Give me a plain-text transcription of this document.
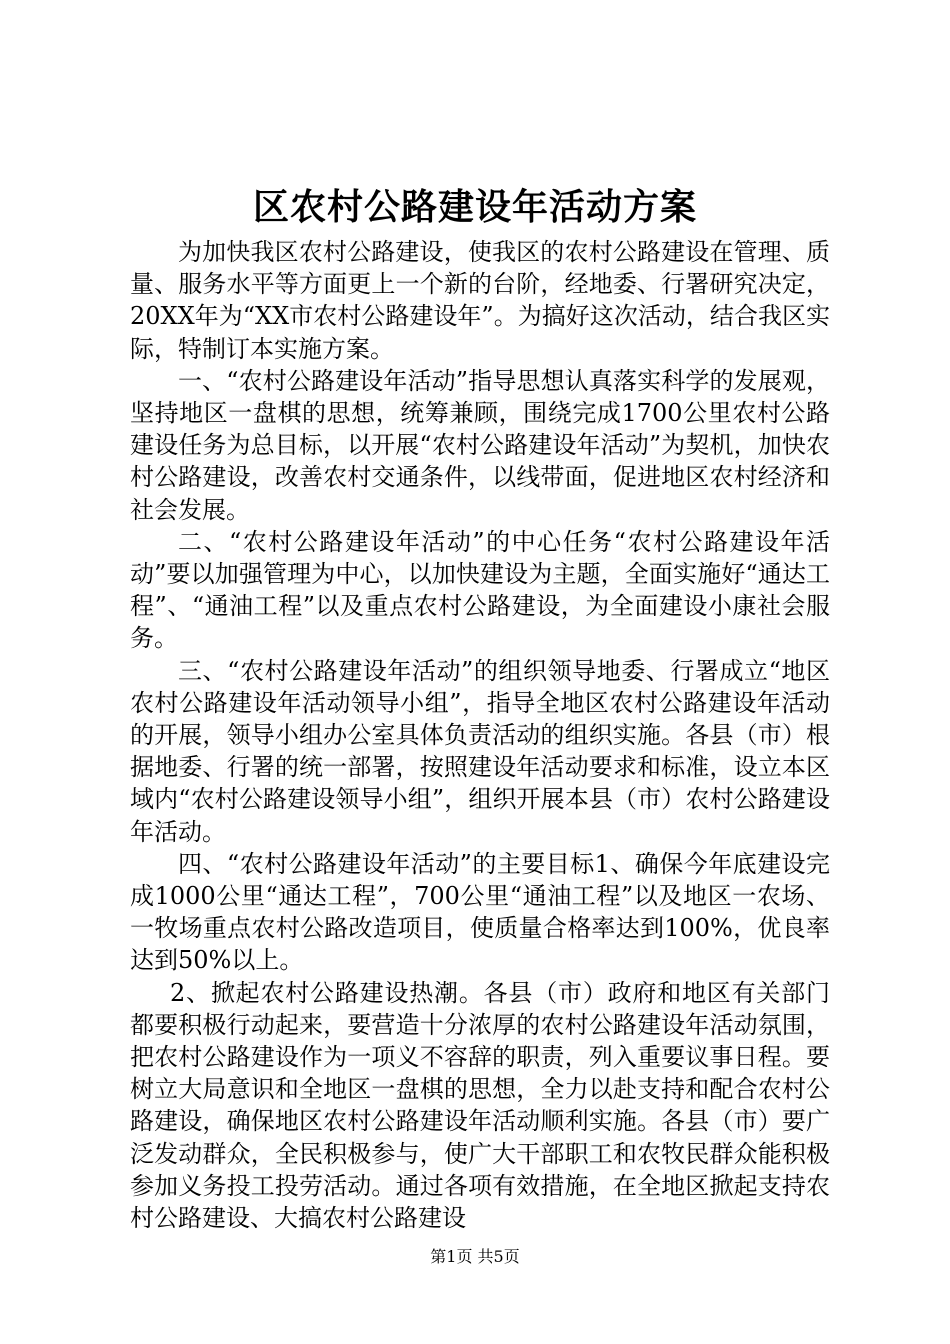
区农村公路建设年活动方案

为加快我区农村公路建设，使我区的农村公路建设在管理、质量、服务水平等方面更上一个新的台阶，经地委、行署研究决定，20XX年为“XX市农村公路建设年”。为搞好这次活动，结合我区实际，特制订本实施方案。

一、“农村公路建设年活动”指导思想认真落实科学的发展观，坚持地区一盘棋的思想，统筹兼顾，围绕完成1700公里农村公路建设任务为总目标，以开展“农村公路建设年活动”为契机，加快农村公路建设，改善农村交通条件，以线带面，促进地区农村经济和社会发展。

二、“农村公路建设年活动”的中心任务“农村公路建设年活动”要以加强管理为中心，以加快建设为主题，全面实施好“通达工程”、“通油工程”以及重点农村公路建设，为全面建设小康社会服务。

三、“农村公路建设年活动”的组织领导地委、行署成立“地区农村公路建设年活动领导小组”，指导全地区农村公路建设年活动的开展，领导小组办公室具体负责活动的组织实施。各县（市）根据地委、行署的统一部署，按照建设年活动要求和标准，设立本区域内“农村公路建设领导小组”，组织开展本县（市）农村公路建设年活动。

四、“农村公路建设年活动”的主要目标1、确保今年底建设完成1000公里“通达工程”，700公里“通油工程”以及地区一农场、一牧场重点农村公路改造项目，使质量合格率达到100%，优良率达到50%以上。

2、掀起农村公路建设热潮。各县（市）政府和地区有关部门都要积极行动起来，要营造十分浓厚的农村公路建设年活动氛围，把农村公路建设作为一项义不容辞的职责，列入重要议事日程。要树立大局意识和全地区一盘棋的思想，全力以赴支持和配合农村公路建设，确保地区农村公路建设年活动顺利实施。各县（市）要广泛发动群众，全民积极参与，使广大干部职工和农牧民群众能积极参加义务投工投劳活动。通过各项有效措施，在全地区掀起支持农村公路建设、大搞农村公路建设

第1页 共5页
